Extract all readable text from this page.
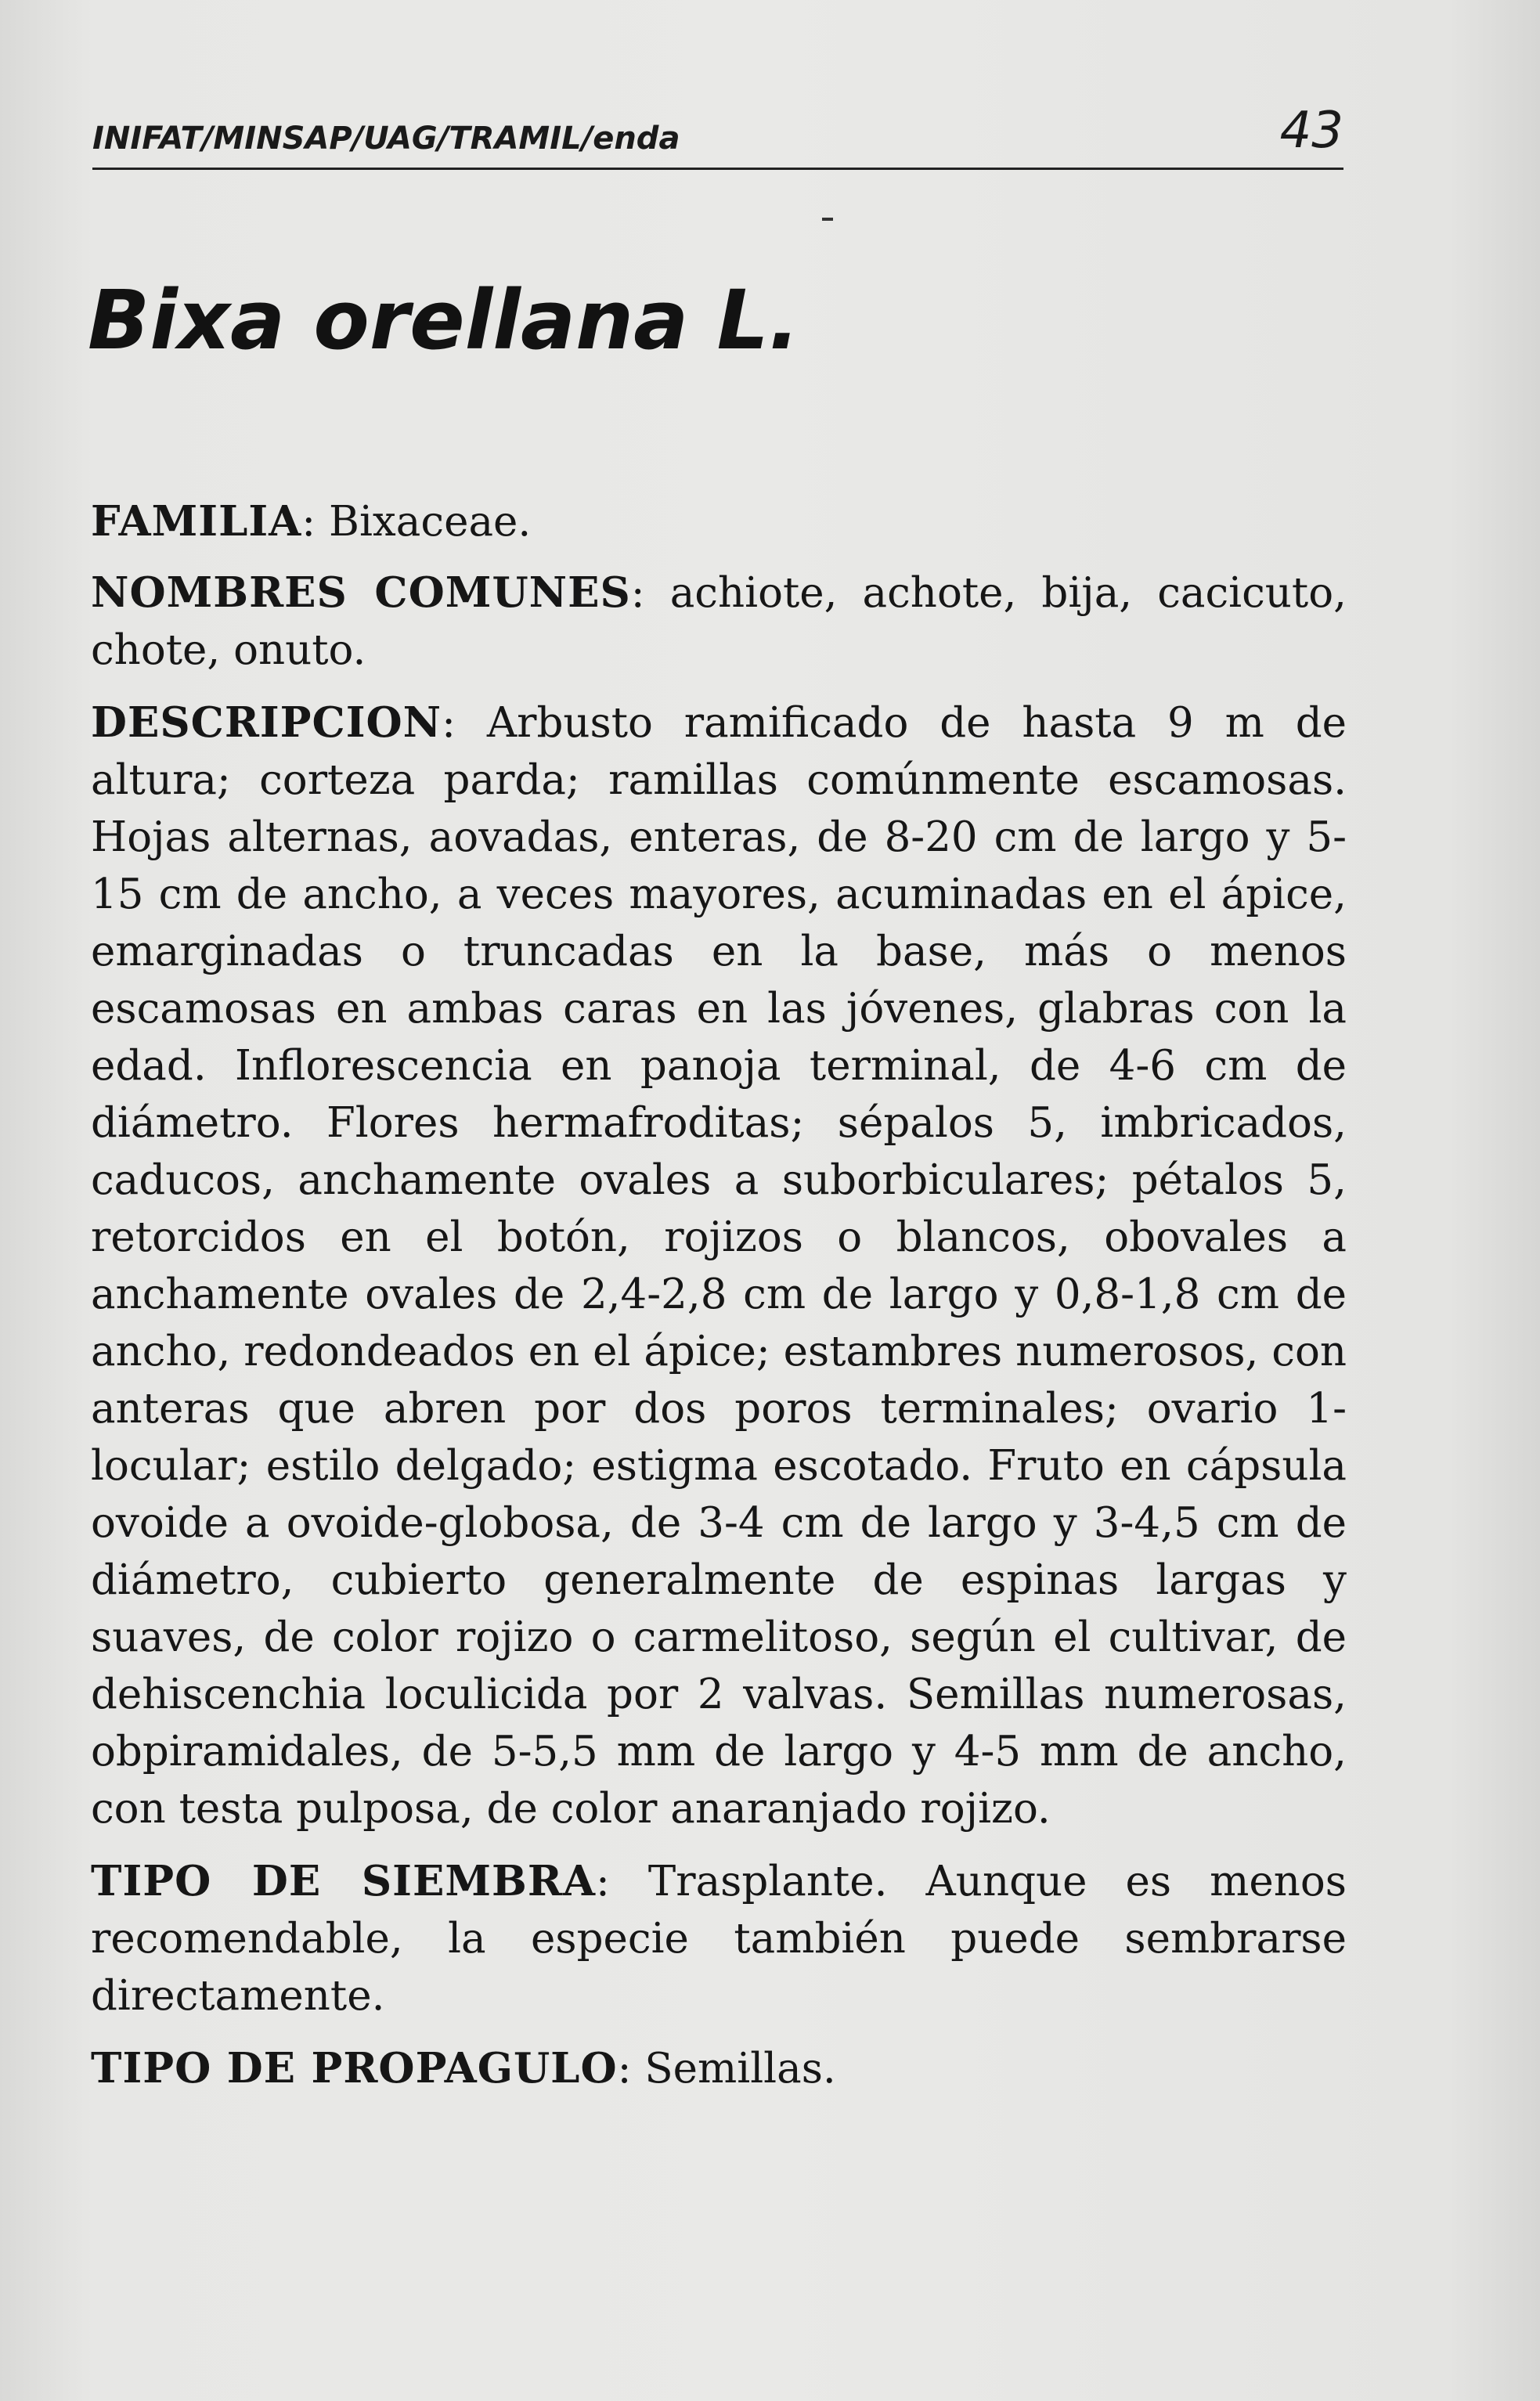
INIFAT/MINSAP/UAG/TRAMIL/enda	43
Bixa orellana L.

FAMILIA: Bixaceae.

NOMBRES COMUNES: achiote, achote, bija, cacicuto, chote, onuto.

DESCRIPCION: Arbusto ramificado de hasta 9 m de altura; corteza parda; ramillas comúnmente escamosas. Hojas alternas, aovadas, enteras, de 8-20 cm de largo y 5-15 cm de ancho, a veces mayores, acuminadas en el ápice, emarginadas o truncadas en la base, más o menos escamosas en ambas caras en las jóvenes, glabras con la edad. Inflorescencia en panoja terminal, de 4-6 cm de diámetro. Flores hermafroditas; sépalos 5, imbricados, caducos, anchamente ovales a suborbiculares; pétalos 5, retorcidos en el botón, rojizos o blancos, obovales a anchamente ovales de 2,4-2,8 cm de largo y 0,8-1,8 cm de ancho, redondeados en el ápice; estambres numerosos, con anteras que abren por dos poros terminales; ovario 1-locular; estilo delgado; estigma escotado. Fruto en cápsula ovoide a ovoide-globosa, de 3-4 cm de largo y 3-4,5 cm de diámetro, cubierto generalmente de espinas largas y suaves, de color rojizo o carmelitoso, según el cultivar, de dehiscenchia loculicida por 2 valvas. Semillas numerosas, obpiramidales, de 5-5,5 mm de largo y 4-5 mm de ancho, con testa pulposa, de color anaranjado rojizo.

TIPO DE SIEMBRA: Trasplante. Aunque es menos recomendable, la especie también puede sembrarse directamente.

TIPO DE PROPAGULO: Semillas.
